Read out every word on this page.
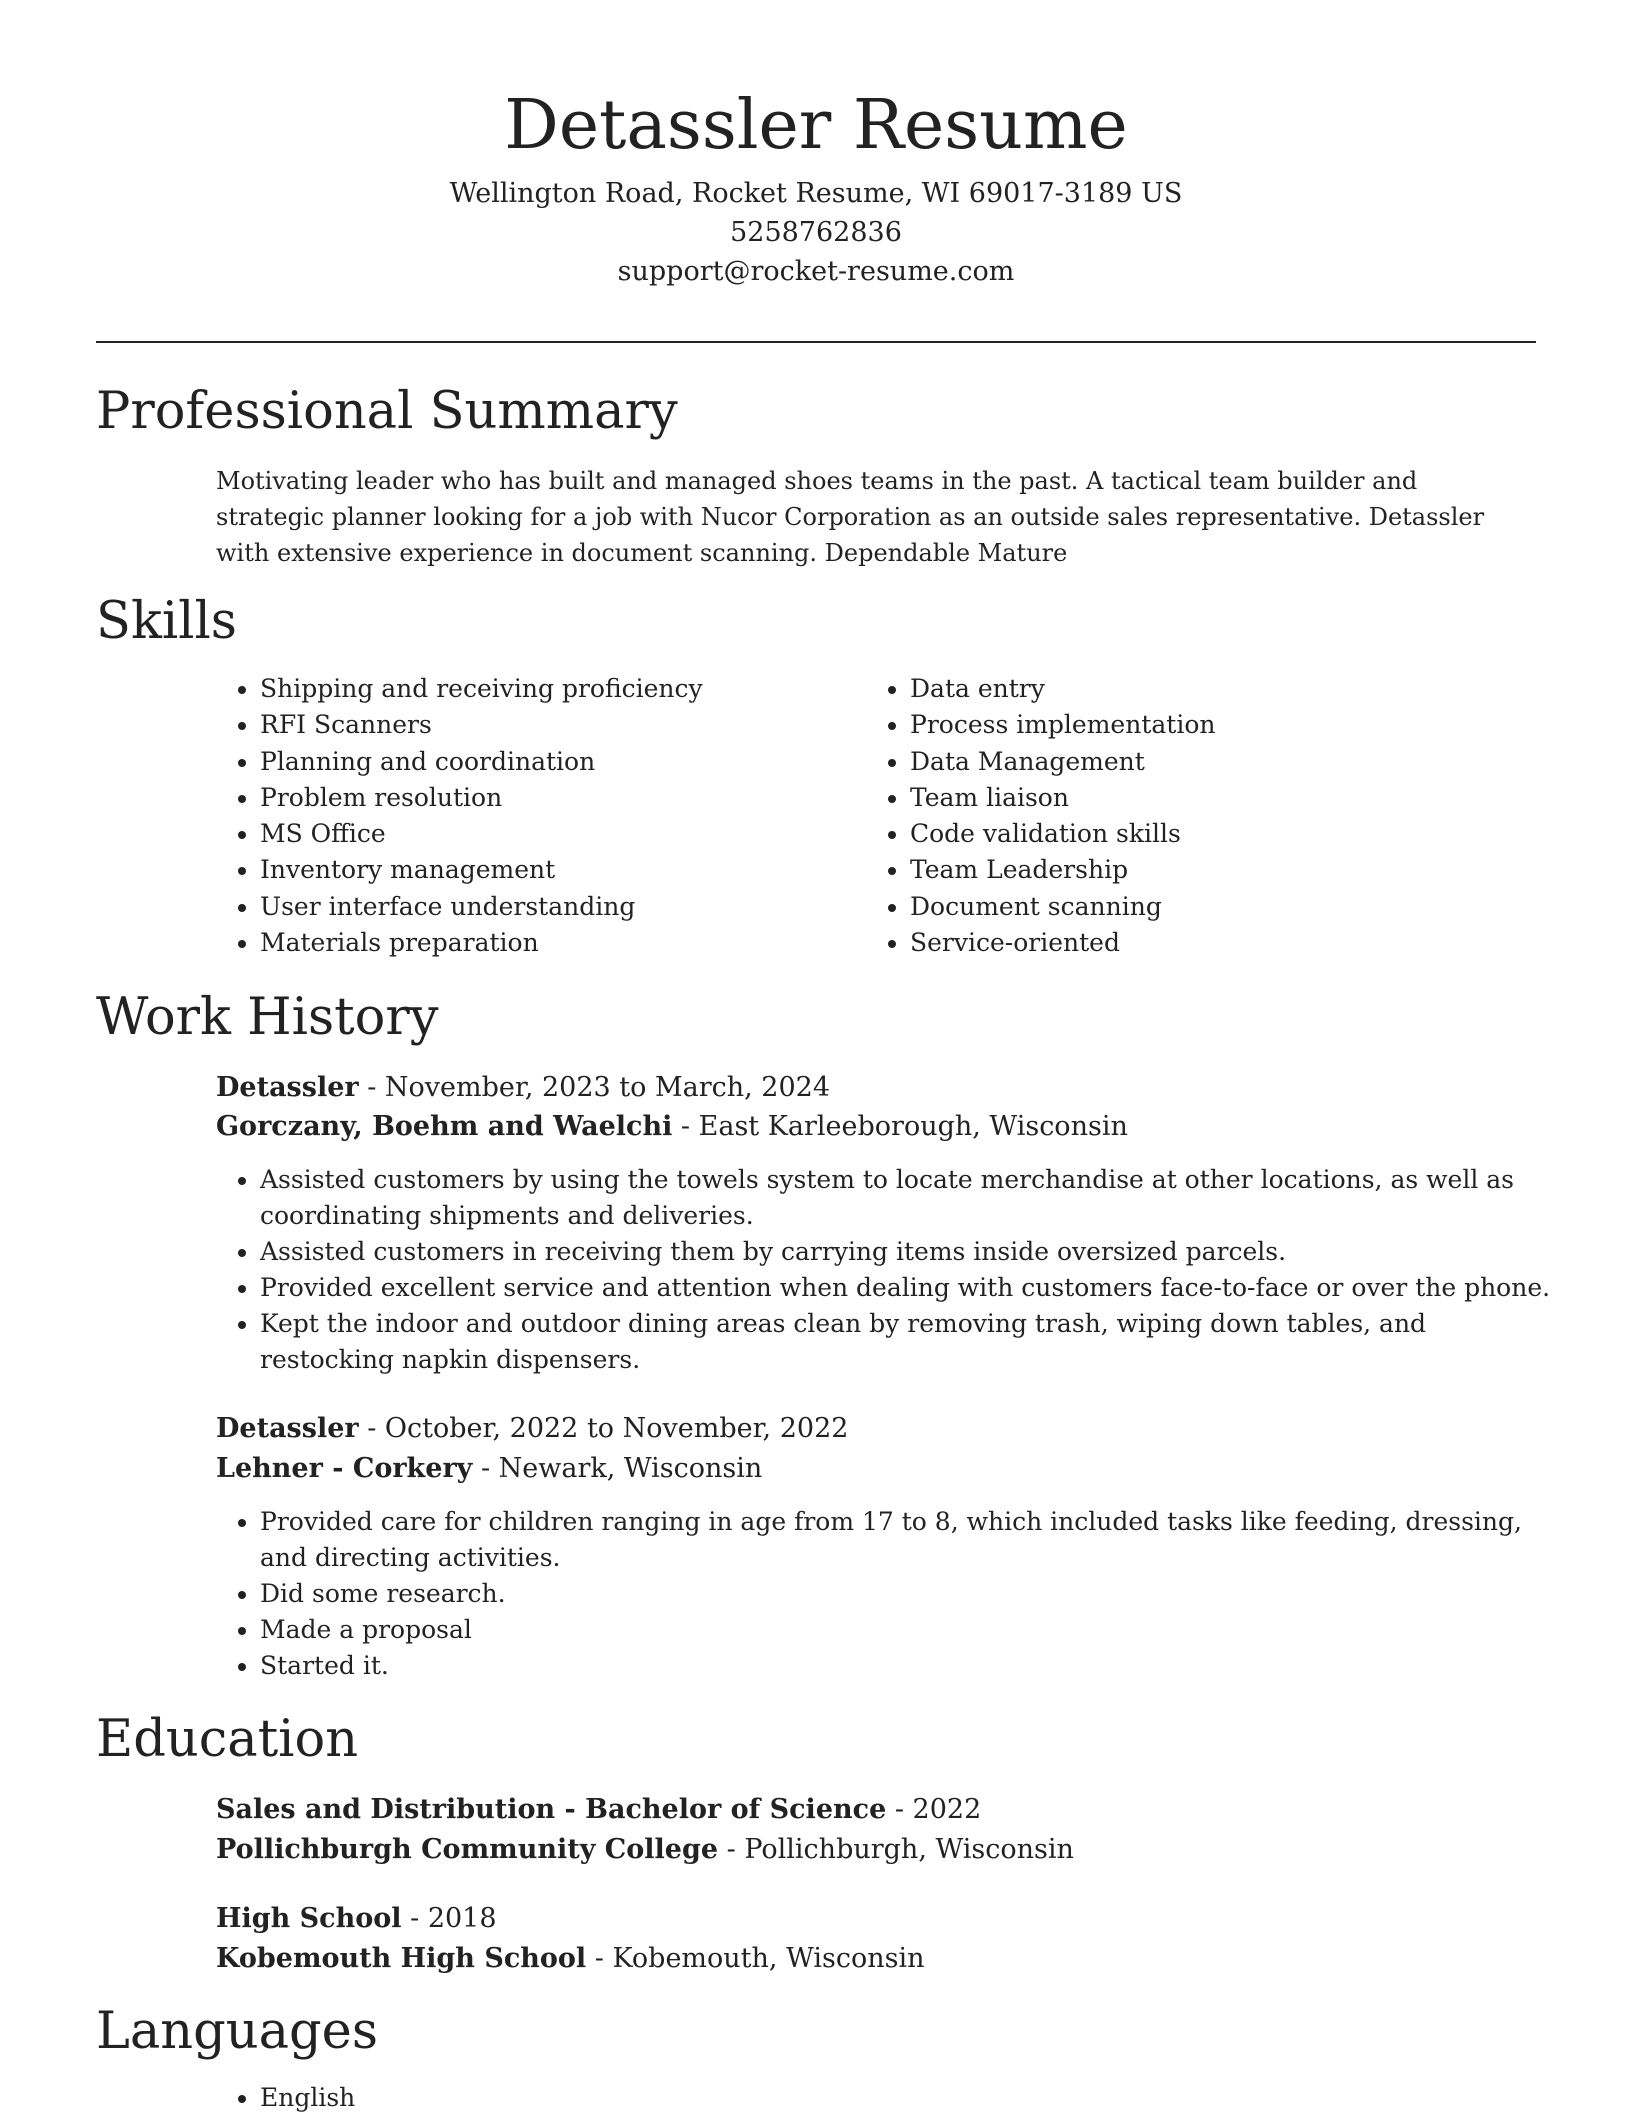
Detassler Resume
Wellington Road, Rocket Resume, WI 69017-3189 US
5258762836
support@rocket-resume.com
Professional Summary

Motivating leader who has built and managed shoes teams in the past. A tactical team builder and strategic planner looking for a job with Nucor Corporation as an outside sales representative. Detassler with extensive experience in document scanning. Dependable Mature

Skills
• Shipping and receiving proficiency
• RFI Scanners
• Planning and coordination
• Problem resolution
• MS Office
• Inventory management
• User interface understanding
• Materials preparation
• Data entry
• Process implementation
• Data Management
• Team liaison
• Code validation skills
• Team Leadership
• Document scanning
• Service-oriented
Work History
Detassler - November, 2023 to March, 2024
Gorczany, Boehm and Waelchi - East Karleeborough, Wisconsin
• Assisted customers by using the towels system to locate merchandise at other locations, as well as coordinating shipments and deliveries.
• Assisted customers in receiving them by carrying items inside oversized parcels.
• Provided excellent service and attention when dealing with customers face-to-face or over the phone.
• Kept the indoor and outdoor dining areas clean by removing trash, wiping down tables, and restocking napkin dispensers.
Detassler - October, 2022 to November, 2022
Lehner - Corkery - Newark, Wisconsin
• Provided care for children ranging in age from 17 to 8, which included tasks like feeding, dressing, and directing activities.
• Did some research.
• Made a proposal
• Started it.
Education
Sales and Distribution - Bachelor of Science - 2022
Pollichburgh Community College - Pollichburgh, Wisconsin
High School - 2018
Kobemouth High School - Kobemouth, Wisconsin
Languages
• English
